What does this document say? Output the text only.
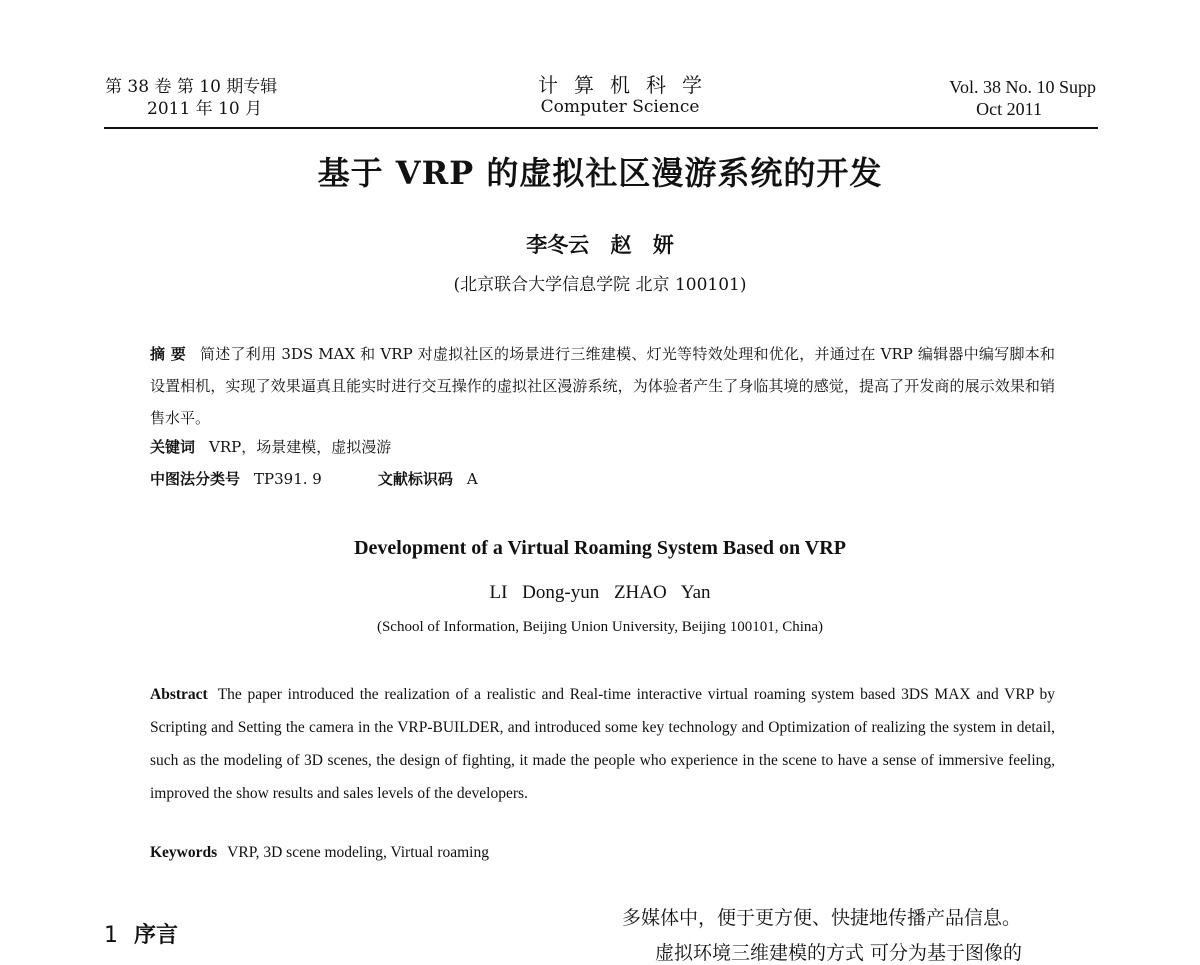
第 38 卷 第 10 期专辑
2011 年 10 月
计算机科学
Computer Science
Vol. 38 No. 10 Supp
Oct 2011
基于 VRP 的虚拟社区漫游系统的开发
李冬云 赵 妍
(北京联合大学信息学院 北京 100101)
摘 要 简述了利用 3DS MAX 和 VRP 对虚拟社区的场景进行三维建模、灯光等特效处理和优化，并通过在 VRP 编辑器中编写脚本和设置相机，实现了效果逼真且能实时进行交互操作的虚拟社区漫游系统，为体验者产生了身临其境的感觉，提高了开发商的展示效果和销售水平。
关键词 VRP，场景建模，虚拟漫游
中图法分类号 TP391. 9	文献标识码 A
Development of a Virtual Roaming System Based on VRP
LI Dong-yun ZHAO Yan
(School of Information, Beijing Union University, Beijing 100101, China)
Abstract The paper introduced the realization of a realistic and Real-time interactive virtual roaming system based 3DS MAX and VRP by Scripting and Setting the camera in the VRP-BUILDER, and introduced some key technology and Optimization of realizing the system in detail, such as the modeling of 3D scenes, the design of fighting, it made the people who experience in the scene to have a sense of immersive feeling, improved the show results and sales levels of the developers.
Keywords VRP, 3D scene modeling, Virtual roaming
1 序言
多媒体中，便于更方便、快捷地传播产品信息。
虚拟环境三维建模的方式 可分为基于图像的
